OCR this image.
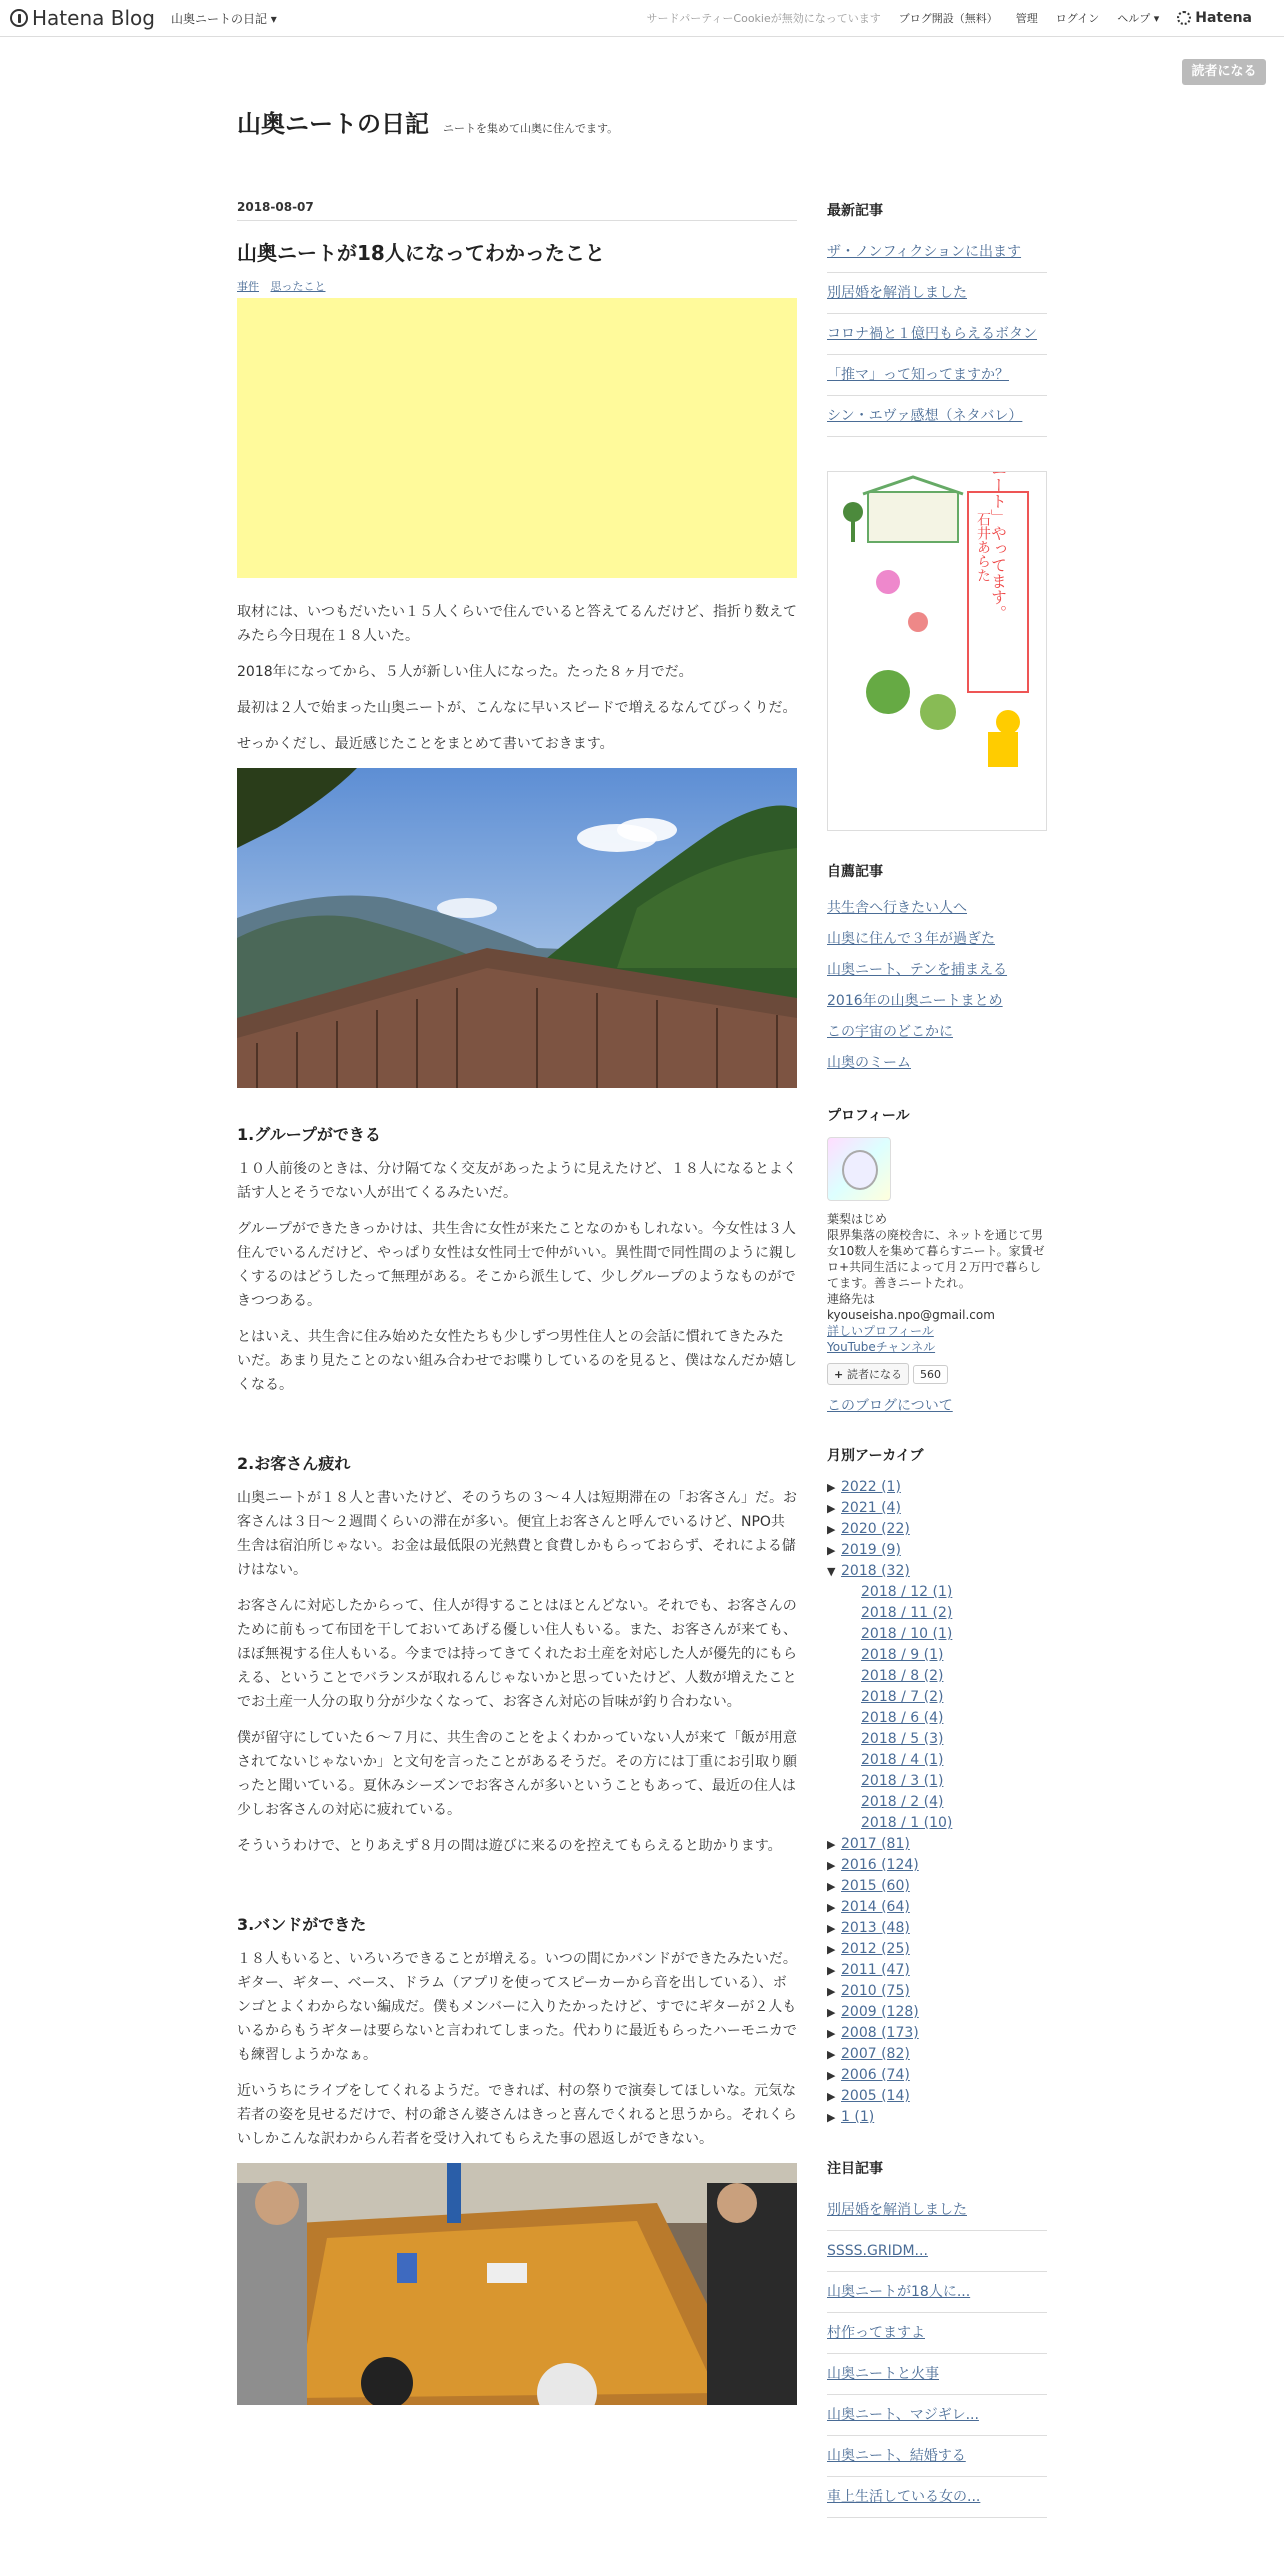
Hatena Blog 山奥ニートの日記 ▾	サードパーティーCookieが無効になっています ブログ開設（無料） 管理 ログイン ヘルプ ▾	Hatena
読者になる
山奥ニートの日記 ニートを集めて山奥に住んでます。
2018-08-07
山奥ニートが18人になってわかったこと
事件 思ったこと

取材には、いつもだいたい１５人くらいで住んでいると答えてるんだけど、指折り数えてみたら今日現在１８人いた。

2018年になってから、５人が新しい住人になった。たった８ヶ月でだ。

最初は２人で始まった山奥ニートが、こんなに早いスピードで増えるなんてびっくりだ。

せっかくだし、最近感じたことをまとめて書いておきます。

1.グループができる

１０人前後のときは、分け隔てなく交友があったように見えたけど、１８人になるとよく話す人とそうでない人が出てくるみたいだ。

グループができたきっかけは、共生舎に女性が来たことなのかもしれない。今女性は３人住んでいるんだけど、やっぱり女性は女性同士で仲がいい。異性間で同性間のように親しくするのはどうしたって無理がある。そこから派生して、少しグループのようなものができつつある。

とはいえ、共生舎に住み始めた女性たちも少しずつ男性住人との会話に慣れてきたみたいだ。あまり見たことのない組み合わせでお喋りしているのを見ると、僕はなんだか嬉しくなる。

2.お客さん疲れ

山奥ニートが１８人と書いたけど、そのうちの３～４人は短期滞在の「お客さん」だ。お客さんは３日～２週間くらいの滞在が多い。便宜上お客さんと呼んでいるけど、NPO共生舎は宿泊所じゃない。お金は最低限の光熱費と食費しかもらっておらず、それによる儲けはない。

お客さんに対応したからって、住人が得することはほとんどない。それでも、お客さんのために前もって布団を干しておいてあげる優しい住人もいる。また、お客さんが来ても、ほぼ無視する住人もいる。今までは持ってきてくれたお土産を対応した人が優先的にもらえる、ということでバランスが取れるんじゃないかと思っていたけど、人数が増えたことでお土産一人分の取り分が少なくなって、お客さん対応の旨味が釣り合わない。

僕が留守にしていた６～７月に、共生舎のことをよくわかっていない人が来て「飯が用意されてないじゃないか」と文句を言ったことがあるそうだ。その方には丁重にお引取り願ったと聞いている。夏休みシーズンでお客さんが多いということもあって、最近の住人は少しお客さんの対応に疲れている。

そういうわけで、とりあえず８月の間は遊びに来るのを控えてもらえると助かります。

3.バンドができた

１８人もいると、いろいろできることが増える。いつの間にかバンドができたみたいだ。ギター、ギター、ベース、ドラム（アプリを使ってスピーカーから音を出している）、ボンゴとよくわからない編成だ。僕もメンバーに入りたかったけど、すでにギターが２人もいるからもうギターは要らないと言われてしまった。代わりに最近もらったハーモニカでも練習しようかなぁ。

近いうちにライブをしてくれるようだ。できれば、村の祭りで演奏してほしいな。元気な若者の姿を見せるだけで、村の爺さん婆さんはきっと喜んでくれると思うから。それくらいしかこんな訳わからん若者を受け入れてもらえた事の恩返しができない。

最新記事
ザ・ノンフィクションに出ます
別居婚を解消しました
コロナ禍と１億円もらえるボタン
「推マ」って知ってますか？
シン・エヴァ感想（ネタバレ）
「山奥ニート」やってます。
石井あらた
自薦記事
共生舎へ行きたい人へ
山奥に住んで３年が過ぎた
山奥ニート、テンを捕まえる
2016年の山奥ニートまとめ
この宇宙のどこかに
山奥のミーム
プロフィール
葉梨はじめ
限界集落の廃校舎に、ネットを通じて男女10数人を集めて暮らすニート。家賃ゼロ+共同生活によって月２万円で暮らしてます。善きニートたれ。
連絡先は
kyouseisha.npo@gmail.com
詳しいプロフィール
YouTubeチャンネル
+ 読者になる	560
このブログについて
月別アーカイブ
▶ 2022 (1)
▶ 2021 (4)
▶ 2020 (22)
▶ 2019 (9)
▼ 2018 (32)
2018 / 12 (1)
2018 / 11 (2)
2018 / 10 (1)
2018 / 9 (1)
2018 / 8 (2)
2018 / 7 (2)
2018 / 6 (4)
2018 / 5 (3)
2018 / 4 (1)
2018 / 3 (1)
2018 / 2 (4)
2018 / 1 (10)
▶ 2017 (81)
▶ 2016 (124)
▶ 2015 (60)
▶ 2014 (64)
▶ 2013 (48)
▶ 2012 (25)
▶ 2011 (47)
▶ 2010 (75)
▶ 2009 (128)
▶ 2008 (173)
▶ 2007 (82)
▶ 2006 (74)
▶ 2005 (14)
▶ 1 (1)
注目記事
別居婚を解消しました
SSSS.GRIDM...
山奥ニートが18人に...
村作ってますよ
山奥ニートと火事
山奥ニート、マジギレ...
山奥ニート、結婚する
車上生活している女の...
